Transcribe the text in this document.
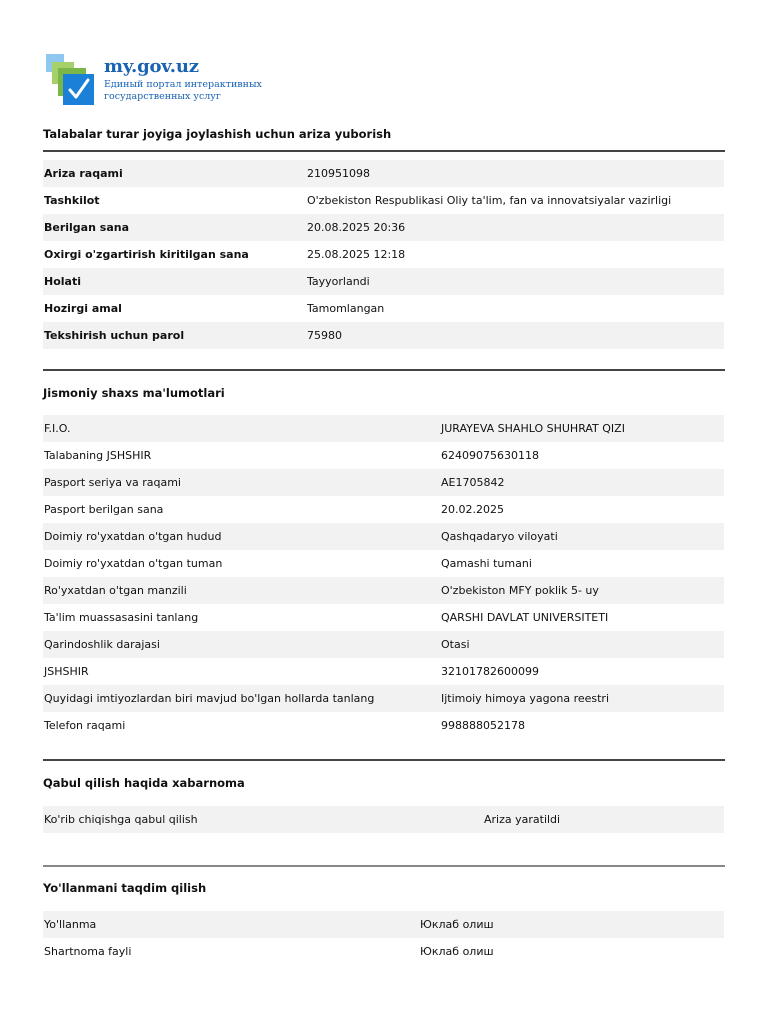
my.gov.uz
Единый портал интерактивных
государственных услуг
Talabalar turar joyiga joylashish uchun ariza yuborish
Ariza raqami	210951098
Tashkilot	O'zbekiston Respublikasi Oliy ta'lim, fan va innovatsiyalar vazirligi
Berilgan sana	20.08.2025 20:36
Oxirgi o'zgartirish kiritilgan sana	25.08.2025 12:18
Holati	Tayyorlandi
Hozirgi amal	Tamomlangan
Tekshirish uchun parol	75980
Jismoniy shaxs ma'lumotlari
F.I.O.	JURAYEVA SHAHLO SHUHRAT QIZI
Talabaning JSHSHIR	62409075630118
Pasport seriya va raqami	AE1705842
Pasport berilgan sana	20.02.2025
Doimiy ro'yxatdan o'tgan hudud	Qashqadaryo viloyati
Doimiy ro'yxatdan o'tgan tuman	Qamashi tumani
Ro'yxatdan o'tgan manzili	O'zbekiston MFY poklik 5- uy
Ta'lim muassasasini tanlang	QARSHI DAVLAT UNIVERSITETI
Qarindoshlik darajasi	Otasi
JSHSHIR	32101782600099
Quyidagi imtiyozlardan biri mavjud bo'lgan hollarda tanlang	Ijtimoiy himoya yagona reestri
Telefon raqami	998888052178
Qabul qilish haqida xabarnoma
Ko'rib chiqishga qabul qilish	Ariza yaratildi
Yo'llanmani taqdim qilish
Yo'llanma	Юклаб олиш
Shartnoma fayli	Юклаб олиш
